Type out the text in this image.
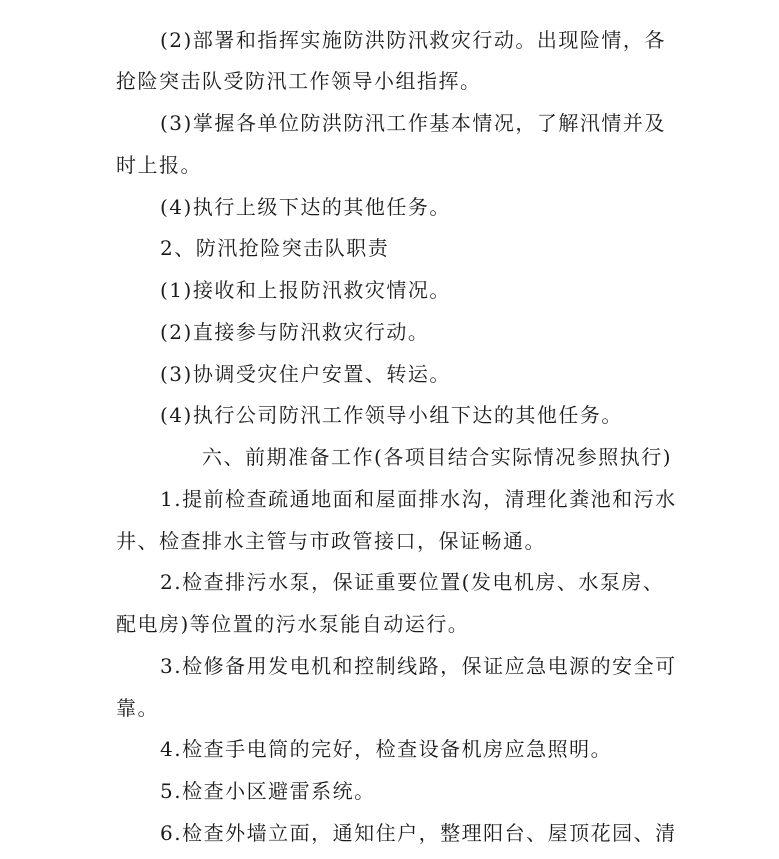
(2)部署和指挥实施防洪防汛救灾行动。出现险情，各
抢险突击队受防汛工作领导小组指挥。
(3)掌握各单位防洪防汛工作基本情况，了解汛情并及
时上报。
(4)执行上级下达的其他任务。
2、防汛抢险突击队职责
(1)接收和上报防汛救灾情况。
(2)直接参与防汛救灾行动。
(3)协调受灾住户安置、转运。
(4)执行公司防汛工作领导小组下达的其他任务。
六、前期准备工作(各项目结合实际情况参照执行)
1.提前检查疏通地面和屋面排水沟，清理化粪池和污水
井、检查排水主管与市政管接口，保证畅通。
2.检查排污水泵，保证重要位置(发电机房、水泵房、
配电房)等位置的污水泵能自动运行。
3.检修备用发电机和控制线路，保证应急电源的安全可
靠。
4.检查手电筒的完好，检查设备机房应急照明。
5.检查小区避雷系统。
6.检查外墙立面，通知住户，整理阳台、屋顶花园、清
